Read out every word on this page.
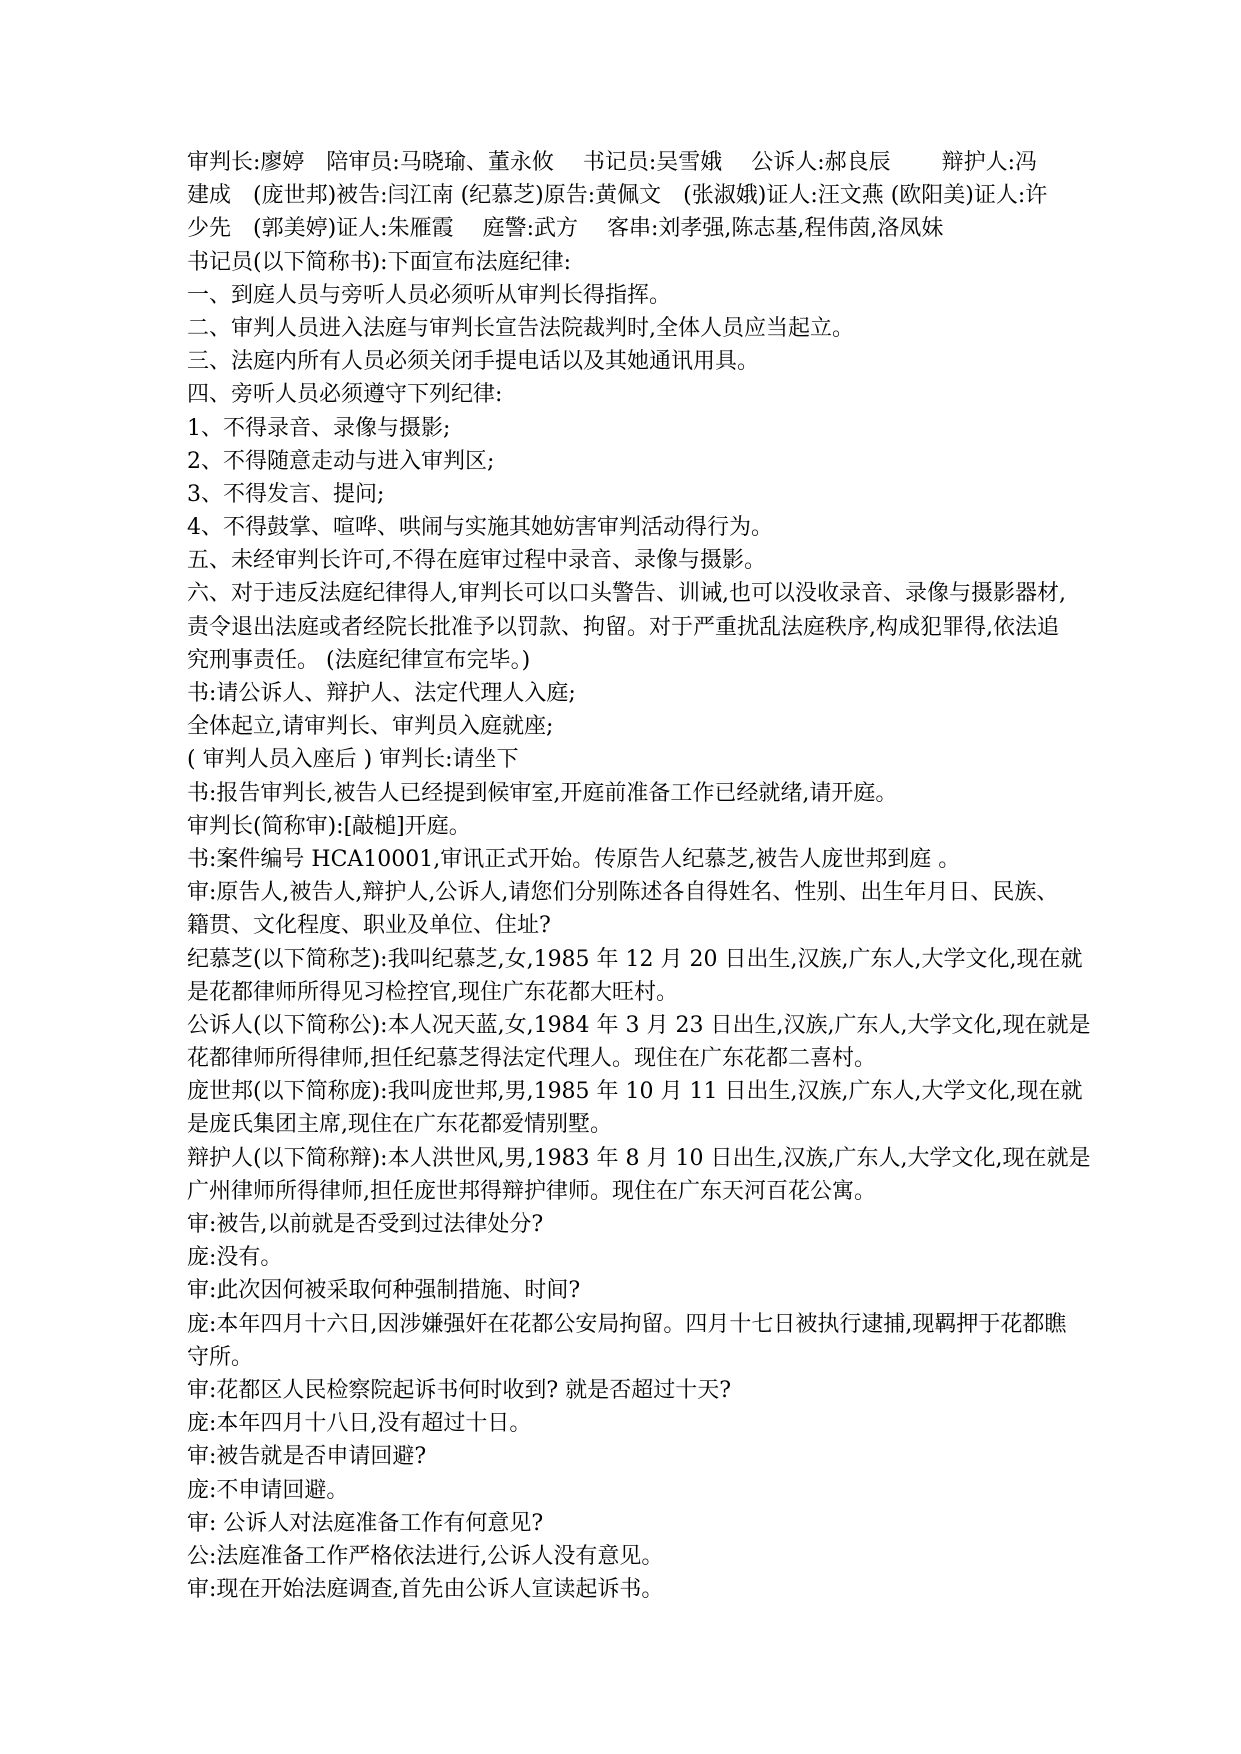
审判长:廖婷　陪审员:马晓瑜、董永攸　 书记员:吴雪娥　 公诉人:郝良辰　　 辩护人:冯
建成　(庞世邦)被告:闫江南 (纪慕芝)原告:黄佩文　(张淑娥)证人:汪文燕 (欧阳美)证人:许
少先　(郭美婷)证人:朱雁霞　 庭警:武方　 客串:刘孝强,陈志基,程伟茵,洛凤妹
书记员(以下简称书):下面宣布法庭纪律:
一、到庭人员与旁听人员必须听从审判长得指挥。
二、审判人员进入法庭与审判长宣告法院裁判时,全体人员应当起立。
三、法庭内所有人员必须关闭手提电话以及其她通讯用具。
四、旁听人员必须遵守下列纪律:
1、不得录音、录像与摄影;
2、不得随意走动与进入审判区;
3、不得发言、提问;
4、不得鼓掌、喧哗、哄闹与实施其她妨害审判活动得行为。
五、未经审判长许可,不得在庭审过程中录音、录像与摄影。
六、对于违反法庭纪律得人,审判长可以口头警告、训诫,也可以没收录音、录像与摄影器材,
责令退出法庭或者经院长批准予以罚款、拘留。对于严重扰乱法庭秩序,构成犯罪得,依法追
究刑事责任。 (法庭纪律宣布完毕。)
书:请公诉人、辩护人、法定代理人入庭;
全体起立,请审判长、审判员入庭就座;
( 审判人员入座后 ) 审判长:请坐下
书:报告审判长,被告人已经提到候审室,开庭前准备工作已经就绪,请开庭。
审判长(简称审):[敲槌]开庭。
书:案件编号 HCA10001,审讯正式开始。传原告人纪慕芝,被告人庞世邦到庭 。
审:原告人,被告人,辩护人,公诉人,请您们分别陈述各自得姓名、性别、出生年月日、民族、
籍贯、文化程度、职业及单位、住址?
纪慕芝(以下简称芝):我叫纪慕芝,女,1985 年 12 月 20 日出生,汉族,广东人,大学文化,现在就
是花都律师所得见习检控官,现住广东花都大旺村。
公诉人(以下简称公):本人况天蓝,女,1984 年 3 月 23 日出生,汉族,广东人,大学文化,现在就是
花都律师所得律师,担任纪慕芝得法定代理人。现住在广东花都二喜村。
庞世邦(以下简称庞):我叫庞世邦,男,1985 年 10 月 11 日出生,汉族,广东人,大学文化,现在就
是庞氏集团主席,现住在广东花都爱情别墅。
辩护人(以下简称辩):本人洪世风,男,1983 年 8 月 10 日出生,汉族,广东人,大学文化,现在就是
广州律师所得律师,担任庞世邦得辩护律师。现住在广东天河百花公寓。
审:被告,以前就是否受到过法律处分?
庞:没有。
审:此次因何被采取何种强制措施、时间?
庞:本年四月十六日,因涉嫌强奸在花都公安局拘留。四月十七日被执行逮捕,现羁押于花都瞧
守所。
审:花都区人民检察院起诉书何时收到? 就是否超过十天?
庞:本年四月十八日,没有超过十日。
审:被告就是否申请回避?
庞:不申请回避。
审: 公诉人对法庭准备工作有何意见?
公:法庭准备工作严格依法进行,公诉人没有意见。
审:现在开始法庭调查,首先由公诉人宣读起诉书。
